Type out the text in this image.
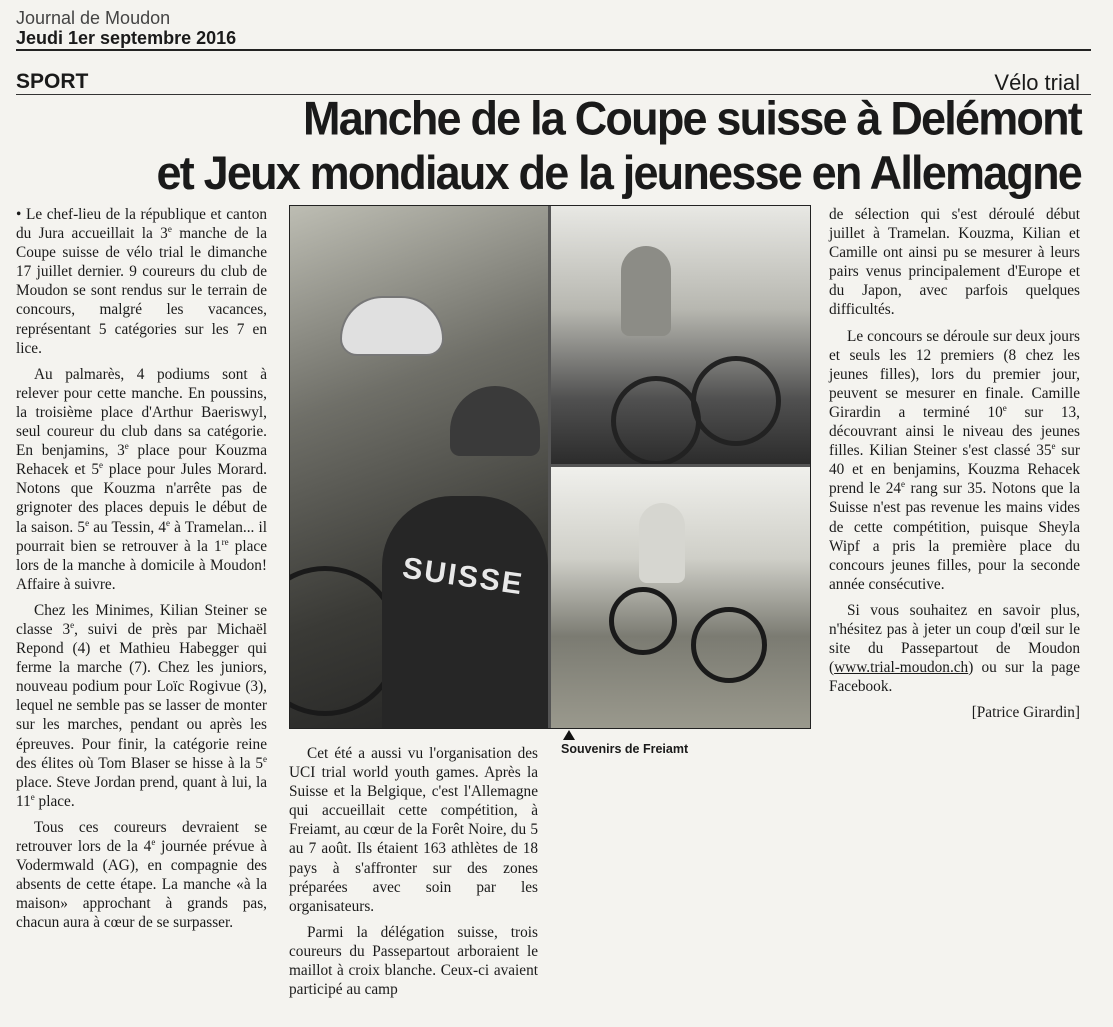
Journal de Moudon
Jeudi 1er septembre 2016
SPORT	Vélo trial
Manche de la Coupe suisse à Delémont
et Jeux mondiaux de la jeunesse en Allemagne

• Le chef-lieu de la république et canton du Jura accueillait la 3e manche de la Coupe suisse de vélo trial le dimanche 17 juillet dernier. 9 coureurs du club de Moudon se sont rendus sur le terrain de concours, malgré les vacances, représentant 5 catégories sur les 7 en lice.

Au palmarès, 4 podiums sont à relever pour cette manche. En poussins, la troisième place d'Arthur Baeriswyl, seul coureur du club dans sa catégorie. En benjamins, 3e place pour Kouzma Rehacek et 5e place pour Jules Morard. Notons que Kouzma n'arrête pas de grignoter des places depuis le début de la saison. 5e au Tessin, 4e à Tramelan... il pourrait bien se retrouver à la 1re place lors de la manche à domicile à Moudon! Affaire à suivre.

Chez les Minimes, Kilian Steiner se classe 3e, suivi de près par Michaël Repond (4) et Mathieu Habegger qui ferme la marche (7). Chez les juniors, nouveau podium pour Loïc Rogivue (3), lequel ne semble pas se lasser de monter sur les marches, pendant ou après les épreuves. Pour finir, la catégorie reine des élites où Tom Blaser se hisse à la 5e place. Steve Jordan prend, quant à lui, la 11e place.

Tous ces coureurs devraient se retrouver lors de la 4e journée prévue à Vodermwald (AG), en compagnie des absents de cette étape. La manche «à la maison» approchant à grands pas, chacun aura à cœur de se surpasser.

SUISSE
Souvenirs de Freiamt

Cet été a aussi vu l'organisation des UCI trial world youth games. Après la Suisse et la Belgique, c'est l'Allemagne qui accueillait cette compétition, à Freiamt, au cœur de la Forêt Noire, du 5 au 7 août. Ils étaient 163 athlètes de 18 pays à s'affronter sur des zones préparées avec soin par les organisateurs.

Parmi la délégation suisse, trois coureurs du Passepartout arboraient le maillot à croix blanche. Ceux-ci avaient participé au camp

de sélection qui s'est déroulé début juillet à Tramelan. Kouzma, Kilian et Camille ont ainsi pu se mesurer à leurs pairs venus principalement d'Europe et du Japon, avec parfois quelques difficultés.

Le concours se déroule sur deux jours et seuls les 12 premiers (8 chez les jeunes filles), lors du premier jour, peuvent se mesurer en finale. Camille Girardin a terminé 10e sur 13, découvrant ainsi le niveau des jeunes filles. Kilian Steiner s'est classé 35e sur 40 et en benjamins, Kouzma Rehacek prend le 24e rang sur 35. Notons que la Suisse n'est pas revenue les mains vides de cette compétition, puisque Sheyla Wipf a pris la première place du concours jeunes filles, pour la seconde année consécutive.

Si vous souhaitez en savoir plus, n'hésitez pas à jeter un coup d'œil sur le site du Passepartout de Moudon (www.trial-moudon.ch) ou sur la page Facebook.

[Patrice Girardin]
